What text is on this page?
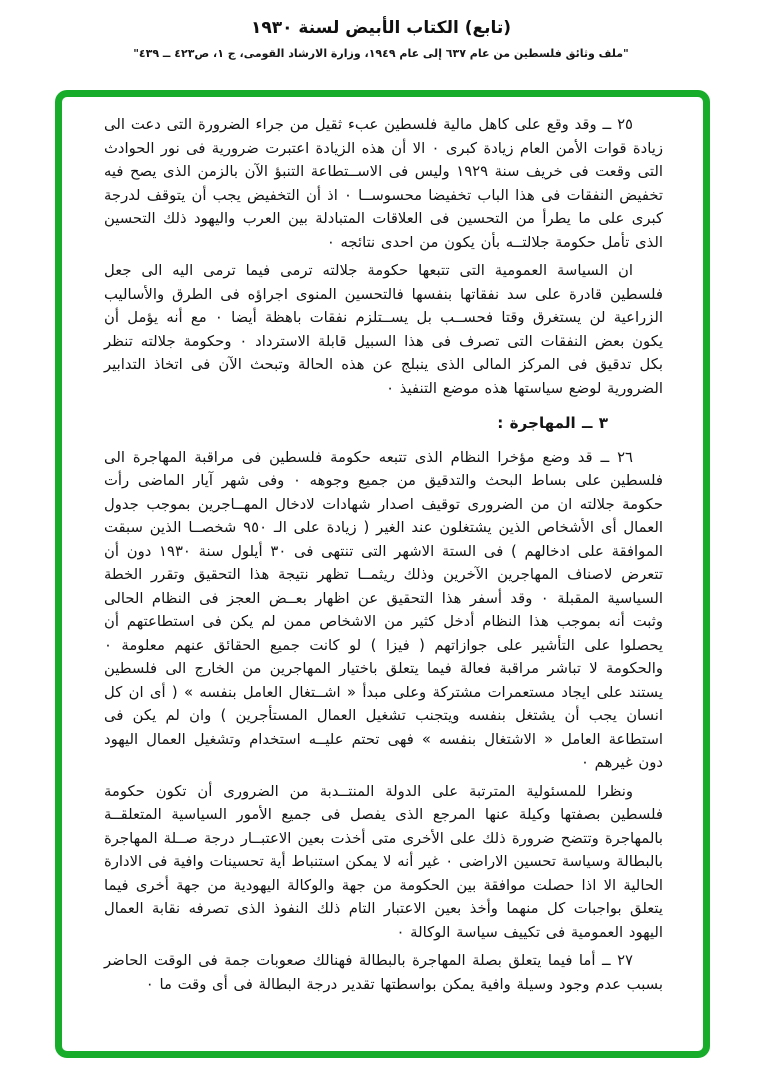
(تابع) الكتاب الأبيض لسنة ١٩٣٠
"ملف وثائق فلسطين من عام ٦٣٧ إلى عام ١٩٤٩، وزارة الارشاد القومى، ج ١، ص٤٢٣ ــ ٤٣٩"

٢٥ ــ وقد وقع على كاهل مالية فلسطين عبء ثقيل من جراء الضرورة التى دعت الى زيادة قوات الأمن العام زيادة كبرى ٠ الا أن هذه الزيادة اعتبرت ضرورية فى نور الحوادث التى وقعت فى خريف سنة ١٩٢٩ وليس فى الاســتطاعة التنبؤ الآن بالزمن الذى يصح فيه تخفيض النفقات فى هذا الباب تخفيضا محسوســا ٠ اذ أن التخفيض يجب أن يتوقف لدرجة كبرى على ما يطرأ من التحسين فى العلاقات المتبادلة بين العرب واليهود ذلك التحسين الذى تأمل حكومة جلالتــه بأن يكون من احدى نتائجه ٠

ان السياسة العمومية التى تتبعها حكومة جلالته ترمى فيما ترمى اليه الى جعل فلسطين قادرة على سد نفقاتها بنفسها فالتحسين المنوى اجراؤه فى الطرق والأساليب الزراعية لن يستغرق وقتا فحســب بل يســتلزم نفقات باهظة أيضا ٠ مع أنه يؤمل أن يكون بعض النفقات التى تصرف فى هذا السبيل قابلة الاسترداد ٠ وحكومة جلالته تنظر بكل تدقيق فى المركز المالى الذى ينبلج عن هذه الحالة وتبحث الآن فى اتخاذ التدابير الضرورية لوضع سياستها هذه موضع التنفيذ ٠

٣ ــ المهاجرة :

٢٦ ــ قد وضع مؤخرا النظام الذى تتبعه حكومة فلسطين فى مراقبة المهاجرة الى فلسطين على بساط البحث والتدقيق من جميع وجوهه ٠ وفى شهر آيار الماضى رأت حكومة جلالته ان من الضرورى توقيف اصدار شهادات لادخال المهــاجرين بموجب جدول العمال أى الأشخاص الذين يشتغلون عند الغير ( زيادة على الـ ٩٥٠ شخصــا الذين سبقت الموافقة على ادخالهم ) فى الستة الاشهر التى تنتهى فى ٣٠ أيلول سنة ١٩٣٠ دون أن تتعرض لاصناف المهاجرين الآخرين وذلك ريثمــا تظهر نتيجة هذا التحقيق وتقرر الخطة السياسية المقبلة ٠ وقد أسفر هذا التحقيق عن اظهار بعــض العجز فى النظام الحالى وثبت أنه بموجب هذا النظام أدخل كثير من الاشخاص ممن لم يكن فى استطاعتهم أن يحصلوا على التأشير على جوازاتهم ( فيزا ) لو كانت جميع الحقائق عنهم معلومة ٠ والحكومة لا تباشر مراقبة فعالة فيما يتعلق باختيار المهاجرين من الخارج الى فلسطين يستند على ايجاد مستعمرات مشتركة وعلى مبدأ « اشــتغال العامل بنفسه » ( أى ان كل انسان يجب أن يشتغل بنفسه ويتجنب تشغيل العمال المستأجرين ) وان لم يكن فى استطاعة العامل « الاشتغال بنفسه » فهى تحتم عليــه استخدام وتشغيل العمال اليهود دون غيرهم ٠

ونظرا للمسئولية المترتبة على الدولة المنتــدبة من الضرورى أن تكون حكومة فلسطين بصفتها وكيلة عنها المرجع الذى يفصل فى جميع الأمور السياسية المتعلقــة بالمهاجرة وتتضح ضرورة ذلك على الأخرى متى أخذت بعين الاعتبــار درجة صــلة المهاجرة بالبطالة وسياسة تحسين الاراضى ٠ غير أنه لا يمكن استنباط أية تحسينات وافية فى الادارة الحالية الا اذا حصلت موافقة بين الحكومة من جهة والوكالة اليهودية من جهة أخرى فيما يتعلق بواجبات كل منهما وأخذ بعين الاعتبار التام ذلك النفوذ الذى تصرفه نقابة العمال اليهود العمومية فى تكييف سياسة الوكالة ٠

٢٧ ــ أما فيما يتعلق بصلة المهاجرة بالبطالة فهنالك صعوبات جمة فى الوقت الحاضر بسبب عدم وجود وسيلة وافية يمكن بواسطتها تقدير درجة البطالة فى أى وقت ما ٠
